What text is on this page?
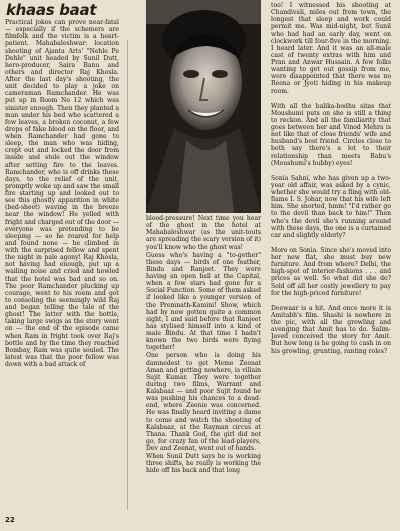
khaas baat

Practical jokes can prove near-fatal — especially if the schemers are filmfolk and the victim is a heart-patient. Mahabaleshwar: location shooting of Ajanta Arts' "Nehle Pe Dehle" unit headed by Sunil Dutt, hero-producer, Saira Banu and others and director Raj Khosla. After the last day's shooting, the unit decided to play a joke on cameraman Ramchander. He was put up in Room No 12 which was sinister enough. Then they planted a man under his bed who scattered a few leaves, a broken coconut, a few drops of fake blood on the floor, and when Ramchander had gone to sleep, the man who was hiding, crept out and locked the door from inside and stole out the window after setting fire to the leaves. Ramchander, who is off drinks these days, to the relief of the unit, promptly woke up and saw the small fire starting up and looked out to see this ghostly apparition in white (bed-sheet) waving in the breeze near the window! He yelled with fright and charged out of the door — everyone was pretending to be sleeping — so he roared for help and found none — he climbed in with the surprised fellow and spent the night in pale agony! Raj Khosla, not having had enough, put up a wailing noise and cried and howled that the hotel was bad and so on. The poor Ramchander plucking up courage, went to his room and got to consoling the seemingly wild Raj and began telling the tale of the ghost! The latter with the bottle, taking large swigs as the story went on — the end of the episode came when Ram in fright took over Raj's bottle and by the time they reached Bombay, Ram was quite souled. The latest was that the poor fellow was down with a bad attack of

blood-pressure! Next time you hear of the ghost in the hotel at Mahabaleshwar (as the unit-touts are spreading the scary version of it) you'll know who the ghost was!

Guess who's having a "to-gether" these days — birds of one feather, Bindu and Ranjeet. They were having an open ball at the Capital, when a few stars had gone for a Social Function. Some of them asked if looked like a younger version of the Premnath-Kamini! Show, which had by now gotten quite a common sight, I and said before that Ranjeet has stylised himself into a kind of male Bindu. At that time I hadn't known the two birds were flying together!

One person who is doing his damnedest to get Meme Zeenat Aman and getting nowhere, is villain Sujit Kumar. They were together during two films, Warrant and Kalabaaz — and poor Sujit found he was pushing his chances to a dead-end, where Zeenie was concerned. He was finally heard inviting a dame to come and watch the shooting of Kalabaaz, at the Rayman circus at Thana. Thank God, the girl did not go, for crazy fan of the lead-players, Dev and Zeenat, went out of hands.

When Sunil Dutt says he is working three shifts, he really is working the hide off his back and that long

too! I witnessed his shooting at Chandivali, miles out from town, the longest that sleep and work could permit me. Was mid-night, but Sunil who had had an early day, went on clockwork till four-five in the morning. I heard later. And it was an all-male cast of twenty extras with him and Pran and Anwar Hussain. A few folks wanting to get out gossip from me, were disappointed that there was no Reena or Jyoti hiding in his makeup room.

With all the balika-bodhu sitas that Moushumi puts on she is still a thing to reckon. And all the familiarity that goes between her and Vinod Mehra is not like that of close friends' wife and husband's best friend. Circles close to both say there's a lot to their relationship than meets Babu's (Moushumi's hubby) eyes!

Sonia Sahni, who has given up a two-year old affair, was asked by a cynic, whether she would try a fling with old-flame I. S. Johar, now that his wife left him. She snorted, hmm! "I'd rather go to the devil than back to him!" Then who's the devil she's running around with these days, the one is a curtained car and slightly elderly?

More on Sonia. Since she's moved into her new flat, she must buy new furniture. And from where? Delhi, the high-spot of interior-fashions . . . and prices as well. So what did she do? Sold off all her costly jewellery to pay for the high-priced furniture!

Deewaar is a hit. And once more it is Amitabh's film. Shashi is nowhere in the pic, with all the growling and avenging that Amit has to do. Salim-Javed conceived the story for Amit. But how long is he going to cash in on his growling, grunting, ranting roles?

22
